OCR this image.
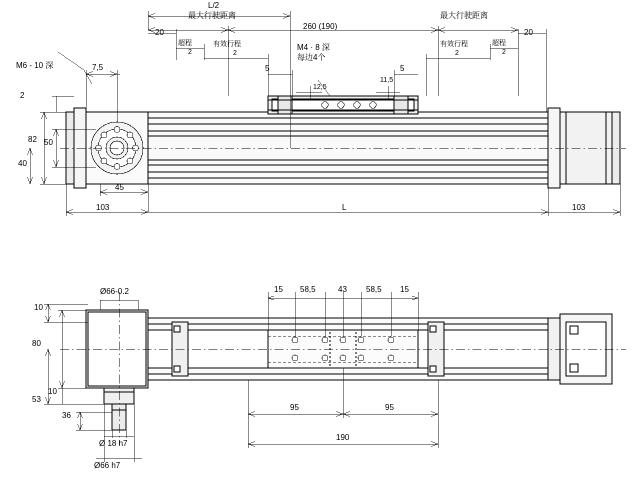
L/2
最大行驶距离	最大行驶距离
260 (190)
20	20
超程	超程
2	2
有效行程	有效行程
2	2
5	5
12,5
11,5
M4 · 8 深
每边4个
M6 - 10 深	7,5
2
82 50
40
45
103	L	103
Ø66-0.2
10
80
53
10
36
Ø 18 h7
Ø66 h7
15 58,5	43 58,5 15
95	95
190
